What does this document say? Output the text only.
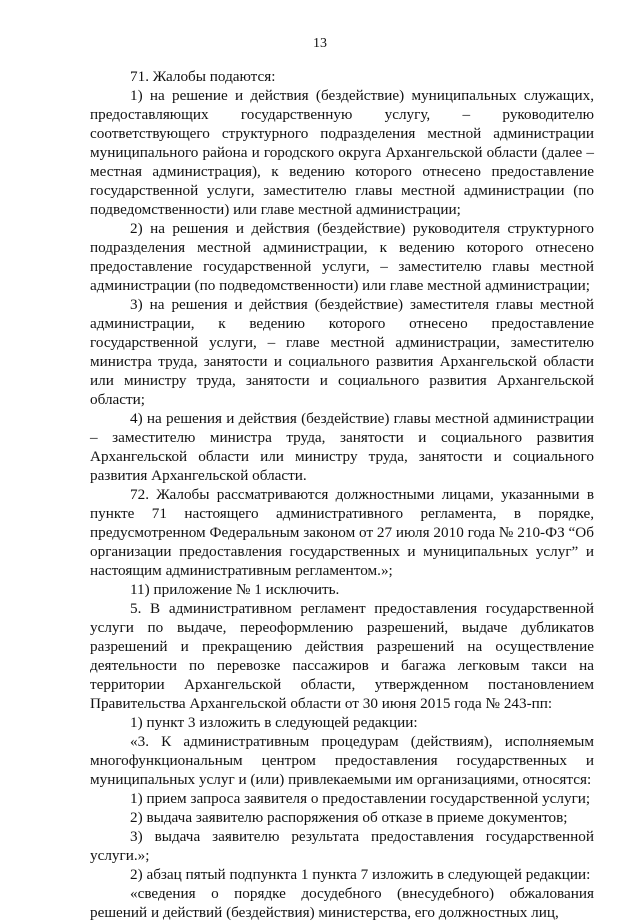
13

71. Жалобы подаются:

1) на решение и действия (бездействие) муниципальных служащих, предоставляющих государственную услугу, – руководителю соответствующего структурного подразделения местной администрации муниципального района и городского округа Архангельской области (далее – местная администрация), к ведению которого отнесено предоставление государственной услуги, заместителю главы местной администрации (по подведомственности) или главе местной администрации;

2) на решения и действия (бездействие) руководителя структурного подразделения местной администрации, к ведению которого отнесено предоставление государственной услуги, – заместителю главы местной администрации (по подведомственности) или главе местной администрации;

3) на решения и действия (бездействие) заместителя главы местной администрации, к ведению которого отнесено предоставление государственной услуги, – главе местной администрации, заместителю министра труда, занятости и социального развития Архангельской области или министру труда, занятости и социального развития Архангельской области;

4) на решения и действия (бездействие) главы местной администрации – заместителю министра труда, занятости и социального развития Архангельской области или министру труда, занятости и социального развития Архангельской области.

72. Жалобы рассматриваются должностными лицами, указанными в пункте 71 настоящего административного регламента, в порядке, предусмотренном Федеральным законом от 27 июля 2010 года № 210-ФЗ “Об организации предоставления государственных и муниципальных услуг” и настоящим административным регламентом.»;

11) приложение № 1 исключить.

5. В административном регламент предоставления государственной услуги по выдаче, переоформлению разрешений, выдаче дубликатов разрешений и прекращению действия разрешений на осуществление деятельности по перевозке пассажиров и багажа легковым такси на территории Архангельской области, утвержденном постановлением Правительства Архангельской области от 30 июня 2015 года № 243-пп:

1) пункт 3 изложить в следующей редакции:

«3. К административным процедурам (действиям), исполняемым многофункциональным центром предоставления государственных и муниципальных услуг и (или) привлекаемыми им организациями, относятся:

1) прием запроса заявителя о предоставлении государственной услуги;

2) выдача заявителю распоряжения об отказе в приеме документов;

3) выдача заявителю результата предоставления государственной услуги.»;

2) абзац пятый подпункта 1 пункта 7 изложить в следующей редакции:

«сведения о порядке досудебного (внесудебного) обжалования решений и действий (бездействия) министерства, его должностных лиц,
